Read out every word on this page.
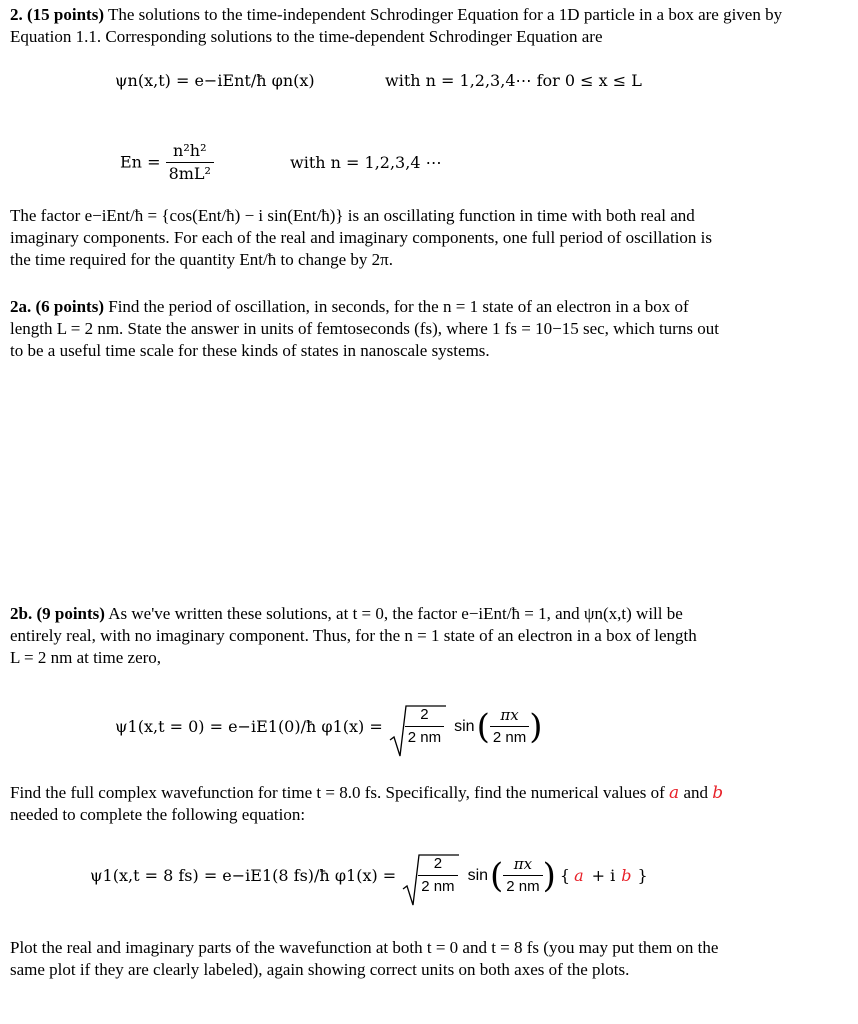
2. (15 points) The solutions to the time-independent Schrodinger Equation for a 1D particle in a box are given by Equation 1.1. Corresponding solutions to the time-dependent Schrodinger Equation are
ψn(x,t) = e−iEnt/ħ φn(x)	with n = 1,2,3,4⋯ for 0 ≤ x ≤ L
$En = \frac{\text{n²h²}}{\text{8mL²}}$	with n = 1,2,3,4 ⋯
The factor e−iEnt/ħ = {cos(Ent/ħ) − i sin(Ent/ħ)} is an oscillating function in time with both real and
imaginary components. For each of the real and imaginary components, one full period of oscillation is
the time required for the quantity Ent/ħ to change by 2π.
2a. (6 points) Find the period of oscillation, in seconds, for the n = 1 state of an electron in a box of
length L = 2 nm. State the answer in units of femtoseconds (fs), where 1 fs = 10−15 sec, which turns out
to be a useful time scale for these kinds of states in nanoscale systems.
2b. (9 points) As we've written these solutions, at t = 0, the factor e−iEnt/ħ = 1, and ψn(x,t) will be
entirely real, with no imaginary component. Thus, for the n = 1 state of an electron in a box of length
L = 2 nm at time zero,
ψ1(x,t = 0) = e−iE1(0)/ħ $\varphi 1(x) = \frac{2}{2 nm}$ sin ( $\frac{\pi x}{2 nm}$ )
Find the full complex wavefunction for time t = 8.0 fs. Specifically, find the numerical values of a and b
needed to complete the following equation:
ψ1(x,t = 8 fs) = e−iE1(8 fs)/ħ $\varphi 1(x) = \frac{2}{2 nm}$ sin ( $\frac{\pi x}{2 nm}$ ) { a + i b }
Plot the real and imaginary parts of the wavefunction at both t = 0 and t = 8 fs (you may put them on the
same plot if they are clearly labeled), again showing correct units on both axes of the plots.
